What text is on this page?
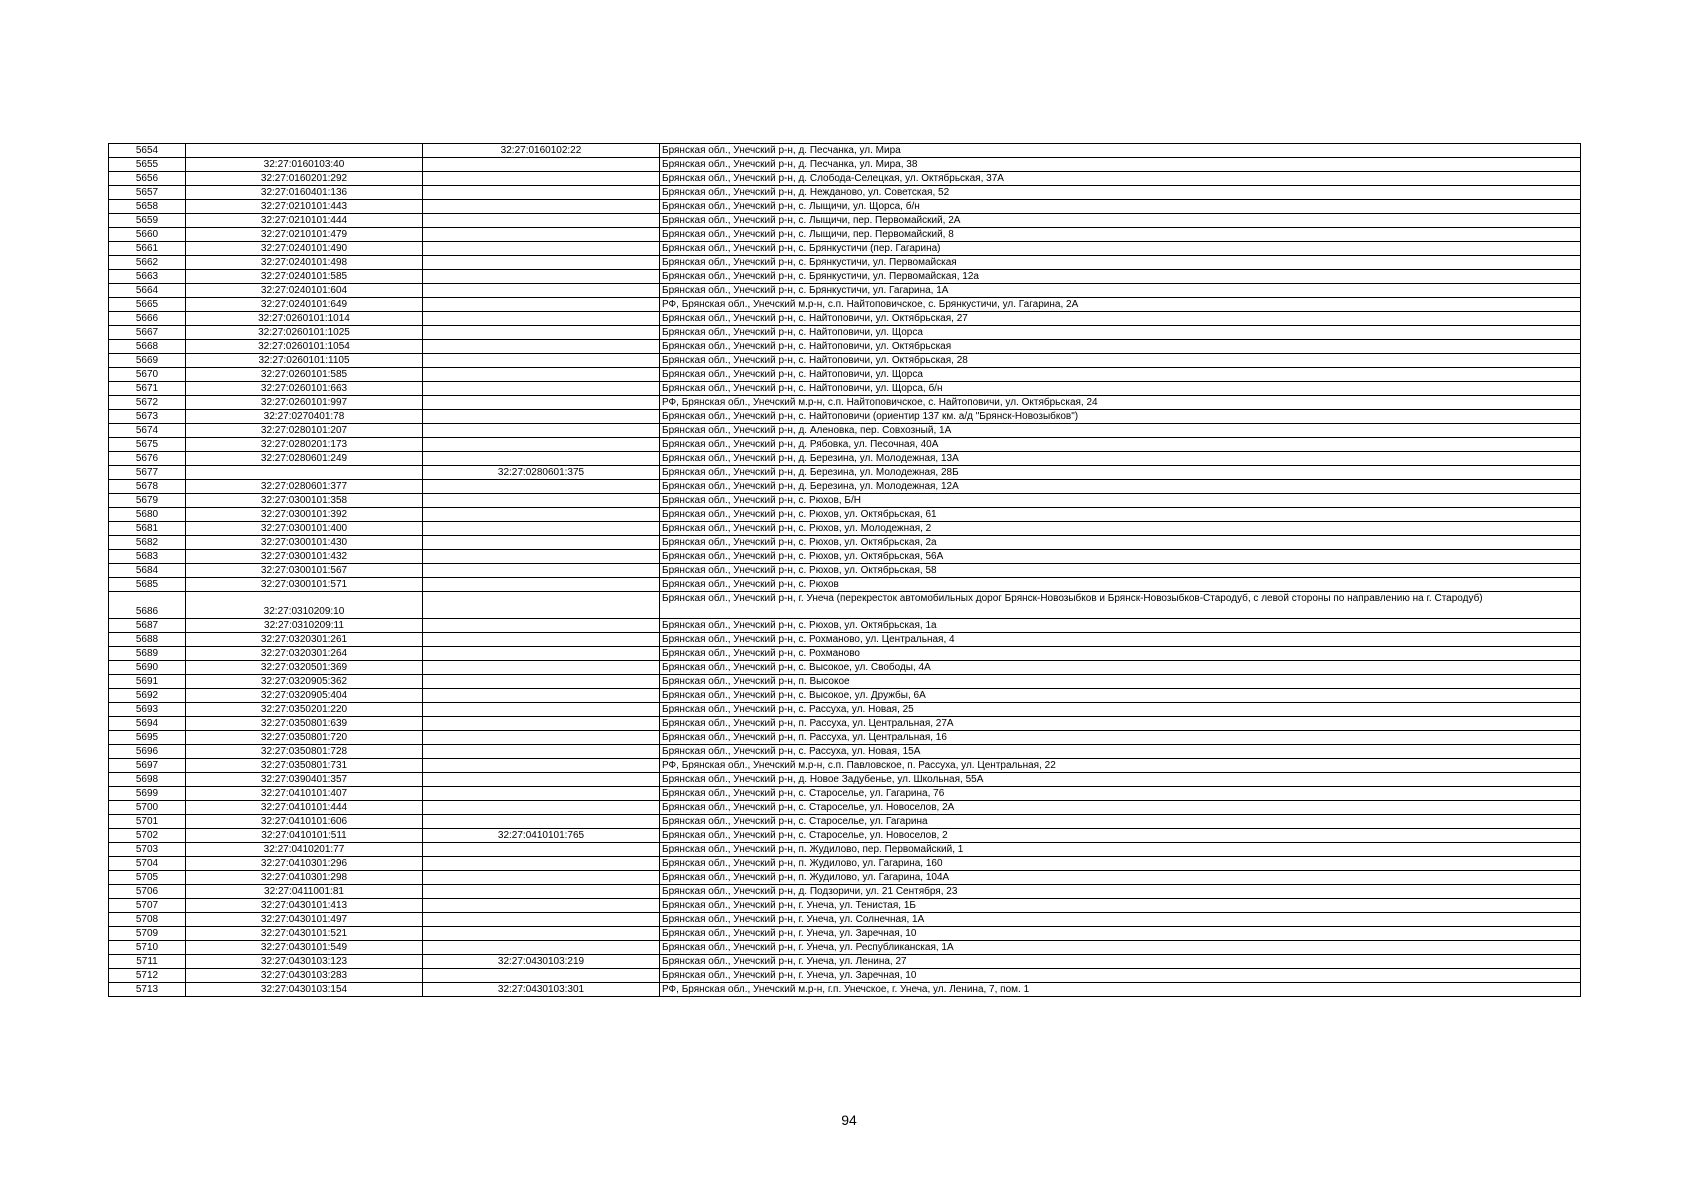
5654		32:27:0160102:22	Брянская обл., Унечский р-н, д. Песчанка, ул. Мира
5655	32:27:0160103:40		Брянская обл., Унечский р-н, д. Песчанка, ул. Мира, 38
5656	32:27:0160201:292		Брянская обл., Унечский р-н, д. Слобода-Селецкая, ул. Октябрьская, 37А
5657	32:27:0160401:136		Брянская обл., Унечский р-н, д. Нежданово, ул. Советская, 52
5658	32:27:0210101:443		Брянская обл., Унечский р-н, с. Лыщичи, ул. Щорса, б/н
5659	32:27:0210101:444		Брянская обл., Унечский р-н, с. Лыщичи, пер. Первомайский, 2А
5660	32:27:0210101:479		Брянская обл., Унечский р-н, с. Лыщичи, пер. Первомайский, 8
5661	32:27:0240101:490		Брянская обл., Унечский р-н, с. Брянкустичи (пер. Гагарина)
5662	32:27:0240101:498		Брянская обл., Унечский р-н, с. Брянкустичи, ул. Первомайская
5663	32:27:0240101:585		Брянская обл., Унечский р-н, с. Брянкустичи, ул. Первомайская, 12а
5664	32:27:0240101:604		Брянская обл., Унечский р-н, с. Брянкустичи, ул. Гагарина, 1А
5665	32:27:0240101:649		РФ, Брянская обл., Унечский м.р-н, с.п. Найтоповичское, с. Брянкустичи, ул. Гагарина, 2А
5666	32:27:0260101:1014		Брянская обл., Унечский р-н, с. Найтоповичи, ул. Октябрьская, 27
5667	32:27:0260101:1025		Брянская обл., Унечский р-н, с. Найтоповичи, ул. Щорса
5668	32:27:0260101:1054		Брянская обл., Унечский р-н, с. Найтоповичи, ул. Октябрьская
5669	32:27:0260101:1105		Брянская обл., Унечский р-н, с. Найтоповичи, ул. Октябрьская, 28
5670	32:27:0260101:585		Брянская обл., Унечский р-н, с. Найтоповичи, ул. Щорса
5671	32:27:0260101:663		Брянская обл., Унечский р-н, с. Найтоповичи, ул. Щорса, б/н
5672	32:27:0260101:997		РФ, Брянская обл., Унечский м.р-н, с.п. Найтоповичское, с. Найтоповичи, ул. Октябрьская, 24
5673	32:27:0270401:78		Брянская обл., Унечский р-н, с. Найтоповичи (ориентир 137 км. а/д "Брянск-Новозыбков")
5674	32:27:0280101:207		Брянская обл., Унечский р-н, д. Аленовка, пер. Совхозный, 1А
5675	32:27:0280201:173		Брянская обл., Унечский р-н, д. Рябовка, ул. Песочная, 40А
5676	32:27:0280601:249		Брянская обл., Унечский р-н, д. Березина, ул. Молодежная, 13А
5677		32:27:0280601:375	Брянская обл., Унечский р-н, д. Березина, ул. Молодежная, 28Б
5678	32:27:0280601:377		Брянская обл., Унечский р-н, д. Березина, ул. Молодежная, 12А
5679	32:27:0300101:358		Брянская обл., Унечский р-н, с. Рюхов, Б/Н
5680	32:27:0300101:392		Брянская обл., Унечский р-н, с. Рюхов, ул. Октябрьская, 61
5681	32:27:0300101:400		Брянская обл., Унечский р-н, с. Рюхов, ул. Молодежная, 2
5682	32:27:0300101:430		Брянская обл., Унечский р-н, с. Рюхов, ул. Октябрьская, 2а
5683	32:27:0300101:432		Брянская обл., Унечский р-н, с. Рюхов, ул. Октябрьская, 56А
5684	32:27:0300101:567		Брянская обл., Унечский р-н, с. Рюхов, ул. Октябрьская, 58
5685	32:27:0300101:571		Брянская обл., Унечский р-н, с. Рюхов
5686	32:27:0310209:10		Брянская обл., Унечский р-н, г. Унеча (перекресток автомобильных дорог Брянск-Новозыбков и Брянск-Новозыбков-Стародуб, с левой стороны по направлению на г. Стародуб)
5687	32:27:0310209:11		Брянская обл., Унечский р-н, с. Рюхов, ул. Октябрьская, 1а
5688	32:27:0320301:261		Брянская обл., Унечский р-н, с. Рохманово, ул. Центральная, 4
5689	32:27:0320301:264		Брянская обл., Унечский р-н, с. Рохманово
5690	32:27:0320501:369		Брянская обл., Унечский р-н, с. Высокое, ул. Свободы, 4А
5691	32:27:0320905:362		Брянская обл., Унечский р-н, п. Высокое
5692	32:27:0320905:404		Брянская обл., Унечский р-н, с. Высокое, ул. Дружбы, 6А
5693	32:27:0350201:220		Брянская обл., Унечский р-н, с. Рассуха, ул. Новая, 25
5694	32:27:0350801:639		Брянская обл., Унечский р-н, п. Рассуха, ул. Центральная, 27А
5695	32:27:0350801:720		Брянская обл., Унечский р-н, п. Рассуха, ул. Центральная, 16
5696	32:27:0350801:728		Брянская обл., Унечский р-н, с. Рассуха, ул. Новая, 15А
5697	32:27:0350801:731		РФ, Брянская обл., Унечский м.р-н, с.п. Павловское, п. Рассуха, ул. Центральная, 22
5698	32:27:0390401:357		Брянская обл., Унечский р-н, д. Новое Задубенье, ул. Школьная, 55А
5699	32:27:0410101:407		Брянская обл., Унечский р-н, с. Староселье, ул. Гагарина, 76
5700	32:27:0410101:444		Брянская обл., Унечский р-н, с. Староселье, ул. Новоселов, 2А
5701	32:27:0410101:606		Брянская обл., Унечский р-н, с. Староселье, ул. Гагарина
5702	32:27:0410101:511	32:27:0410101:765	Брянская обл., Унечский р-н, с. Староселье, ул. Новоселов, 2
5703	32:27:0410201:77		Брянская обл., Унечский р-н, п. Жудилово, пер. Первомайский, 1
5704	32:27:0410301:296		Брянская обл., Унечский р-н, п. Жудилово, ул. Гагарина, 160
5705	32:27:0410301:298		Брянская обл., Унечский р-н, п. Жудилово, ул. Гагарина, 104А
5706	32:27:0411001:81		Брянская обл., Унечский р-н, д. Подзоричи, ул. 21 Сентября, 23
5707	32:27:0430101:413		Брянская обл., Унечский р-н, г. Унеча, ул. Тенистая, 1Б
5708	32:27:0430101:497		Брянская обл., Унечский р-н, г. Унеча, ул. Солнечная, 1А
5709	32:27:0430101:521		Брянская обл., Унечский р-н, г. Унеча, ул. Заречная, 10
5710	32:27:0430101:549		Брянская обл., Унечский р-н, г. Унеча, ул. Республиканская, 1А
5711	32:27:0430103:123	32:27:0430103:219	Брянская обл., Унечский р-н, г. Унеча, ул. Ленина, 27
5712	32:27:0430103:283		Брянская обл., Унечский р-н, г. Унеча, ул. Заречная, 10
5713	32:27:0430103:154	32:27:0430103:301	РФ, Брянская обл., Унечский м.р-н, г.п. Унечское, г. Унеча, ул. Ленина, 7, пом. 1
94
